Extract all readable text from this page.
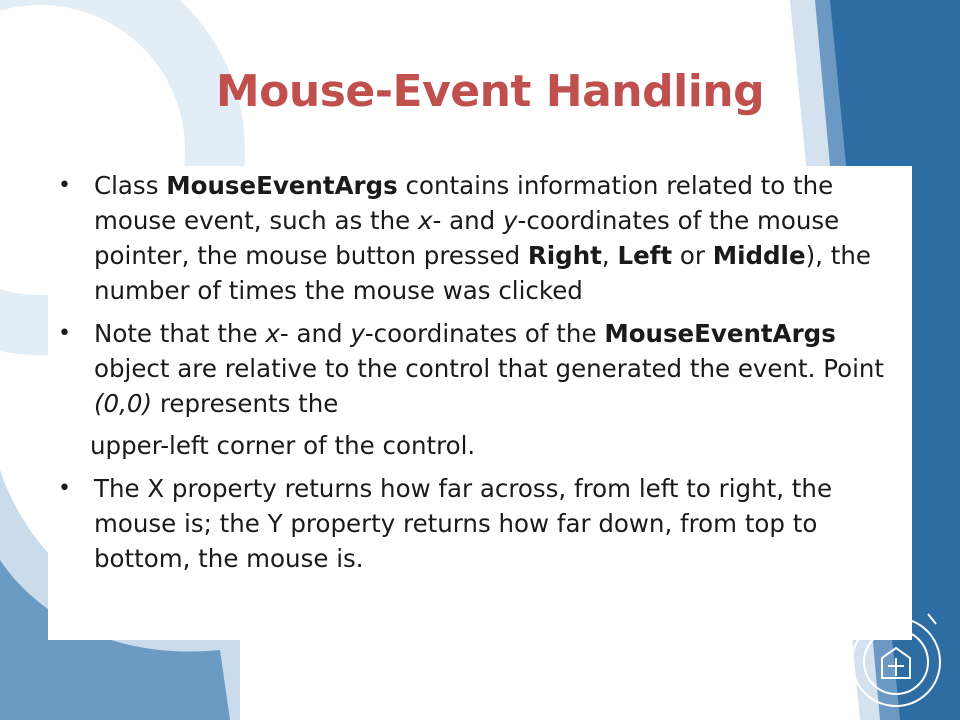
Mouse-Event Handling
• Class MouseEventArgs contains information related to the mouse event, such as the x- and y-coordinates of the mouse pointer, the mouse button pressed Right, Left or Middle), the number of times the mouse was clicked
• Note that the x- and y-coordinates of the MouseEventArgs object are relative to the control that generated the event. Point (0,0) represents the
upper-left corner of the control.
• The X property returns how far across, from left to right, the mouse is; the Y property returns how far down, from top to bottom, the mouse is.
